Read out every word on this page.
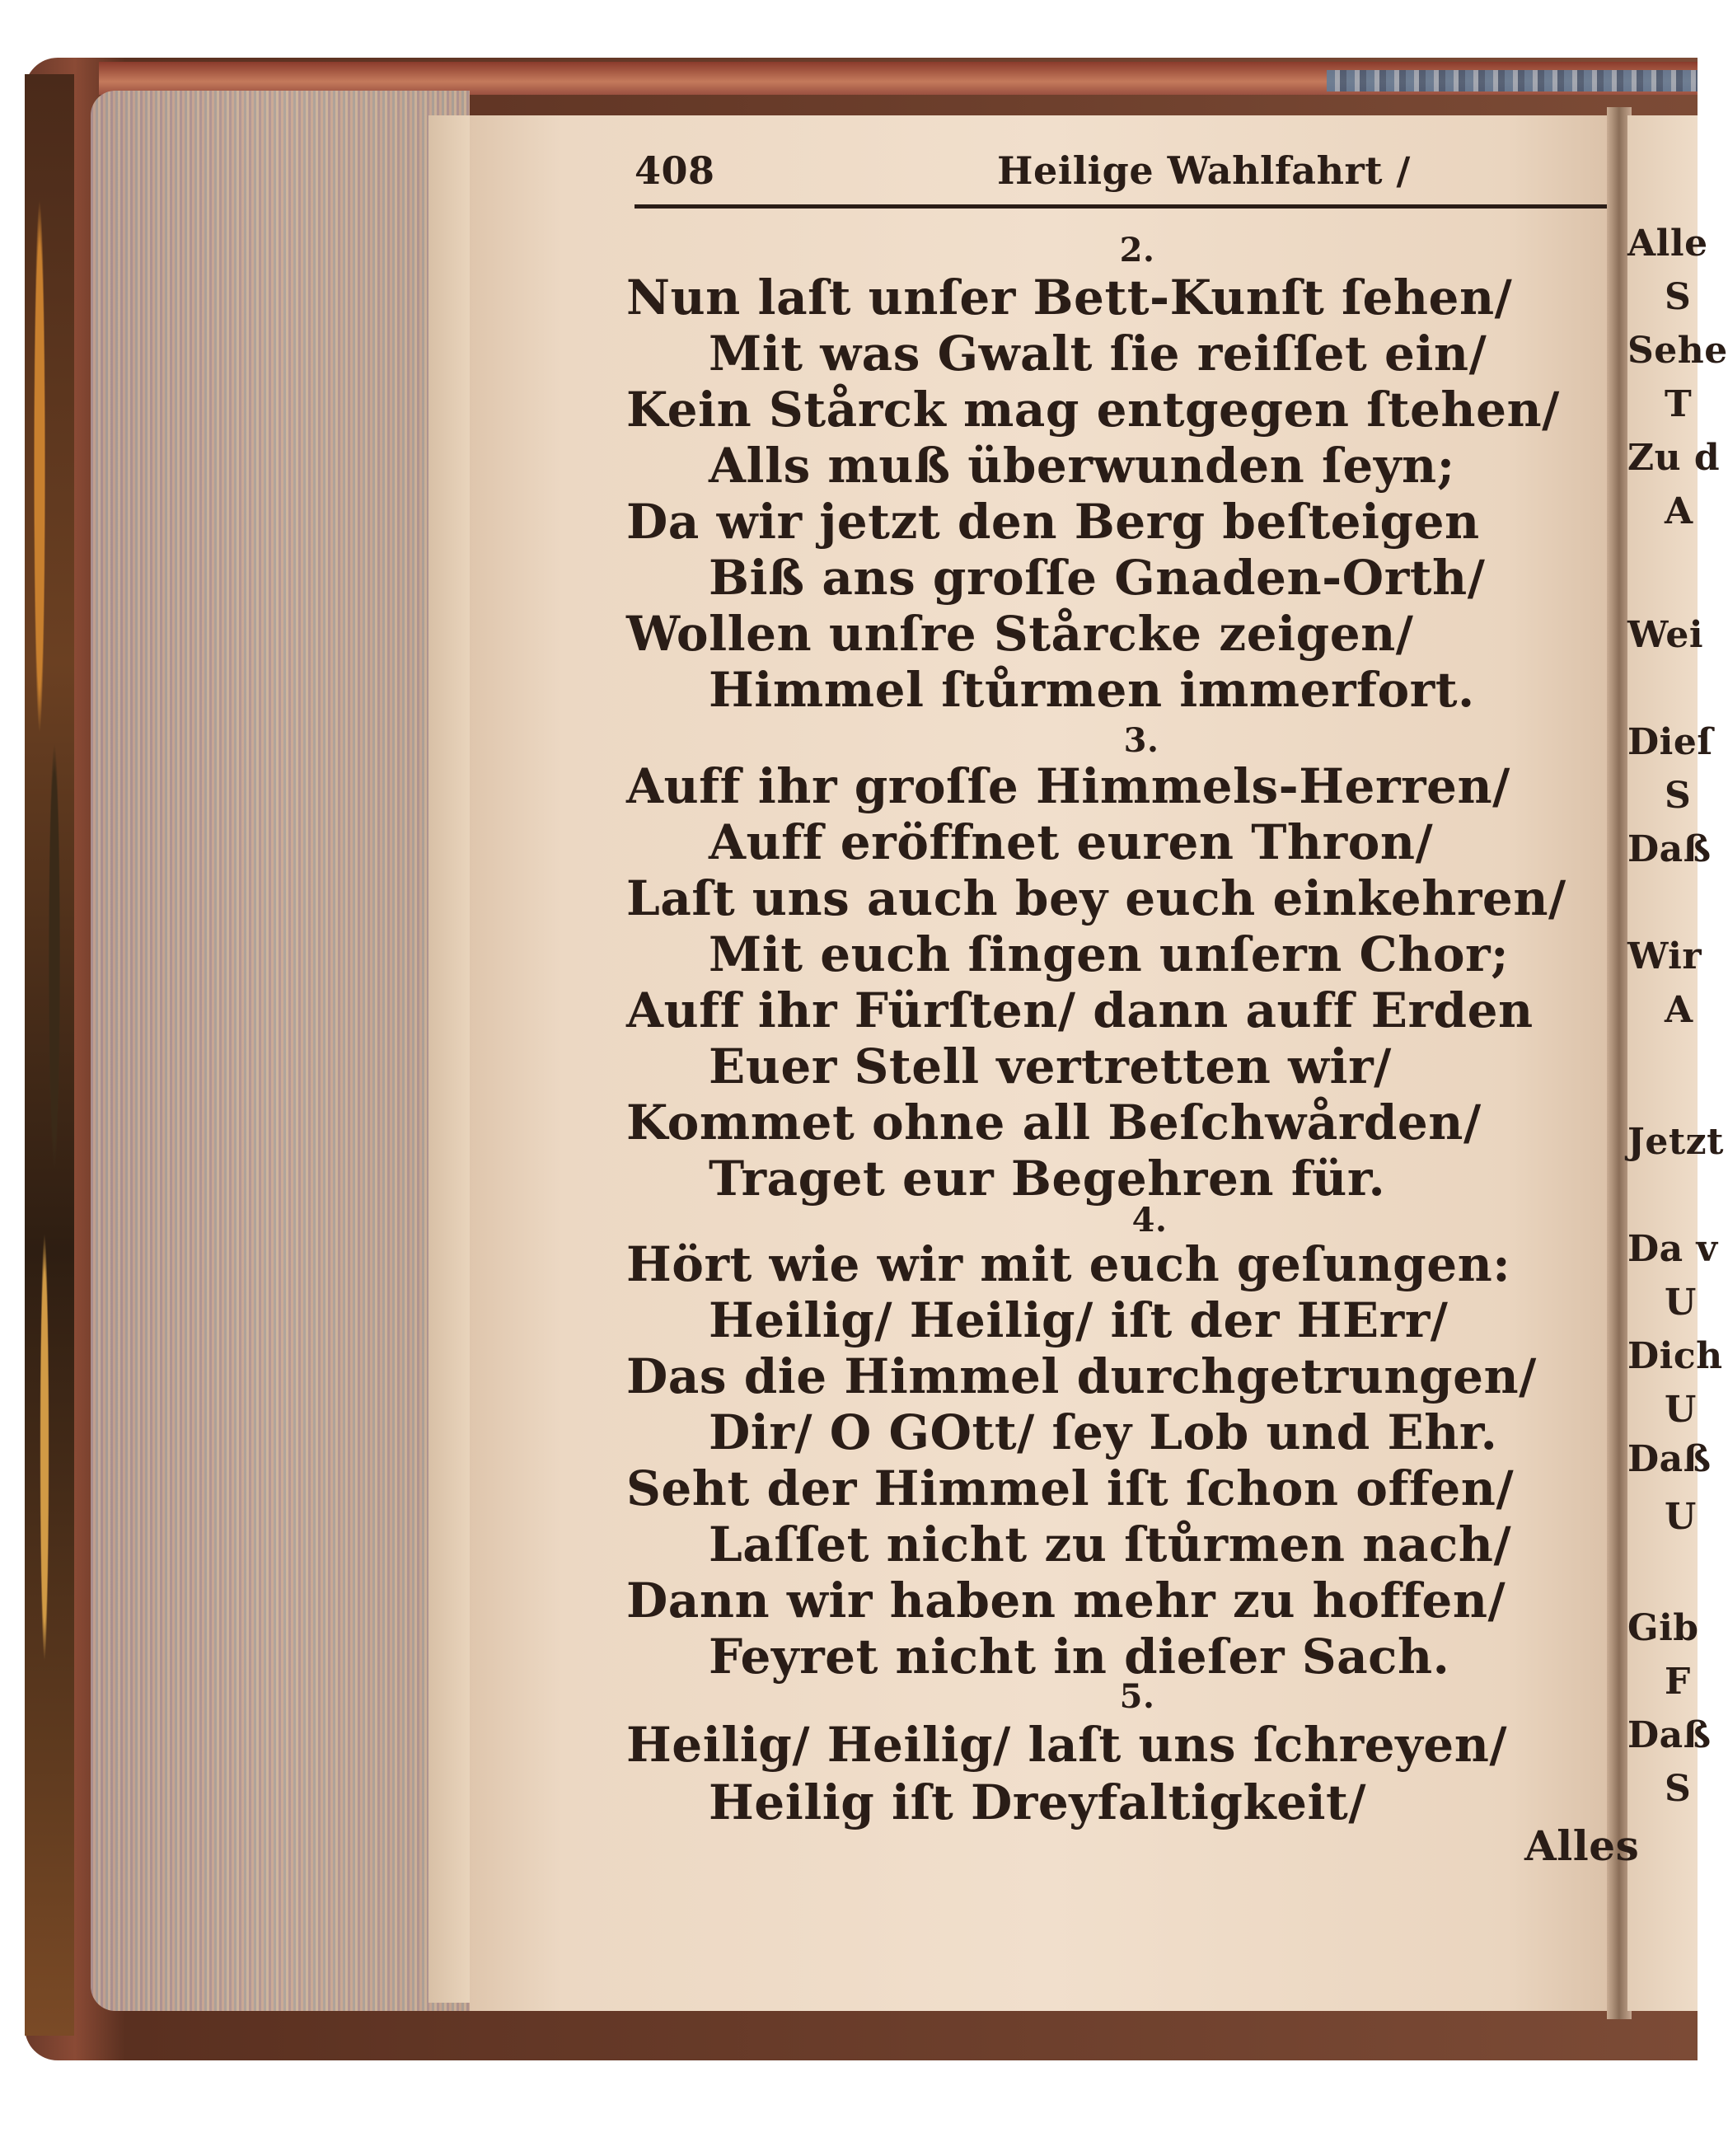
408	Heilige Wahlfahrt /
2.
Nun laſt unſer Bett-Kunſt ſehen/
Mit was Gwalt ſie reiſſet ein/
Kein Stårck mag entgegen ſtehen/
Alls muß überwunden ſeyn;
Da wir jetzt den Berg beſteigen
Biß ans groſſe Gnaden-Orth/
Wollen unſre Stårcke zeigen/
Himmel ſtůrmen immerfort.
3.
Auff ihr groſſe Himmels-Herren/
Auff eröffnet euren Thron/
Laſt uns auch bey euch einkehren/
Mit euch ſingen unſern Chor;
Auff ihr Fürſten/ dann auff Erden
Euer Stell vertretten wir/
Kommet ohne all Beſchwården/
Traget eur Begehren für.
4.
Hört wie wir mit euch geſungen:
Heilig/ Heilig/ iſt der HErr/
Das die Himmel durchgetrungen/
Dir/ O GOtt/ ſey Lob und Ehr.
Seht der Himmel iſt ſchon offen/
Laſſet nicht zu ſtůrmen nach/
Dann wir haben mehr zu hoffen/
Feyret nicht in dieſer Sach.
5.
Heilig/ Heilig/ laſt uns ſchreyen/
Heilig iſt Dreyfaltigkeit/
Alles
Alle
S
Sehe
T
Zu d
A
Wei
Dieſ
S
Daß
Wir
A
Jetzt
Da v
U
Dich
U
Daß
U
Gib
F
Daß
S
